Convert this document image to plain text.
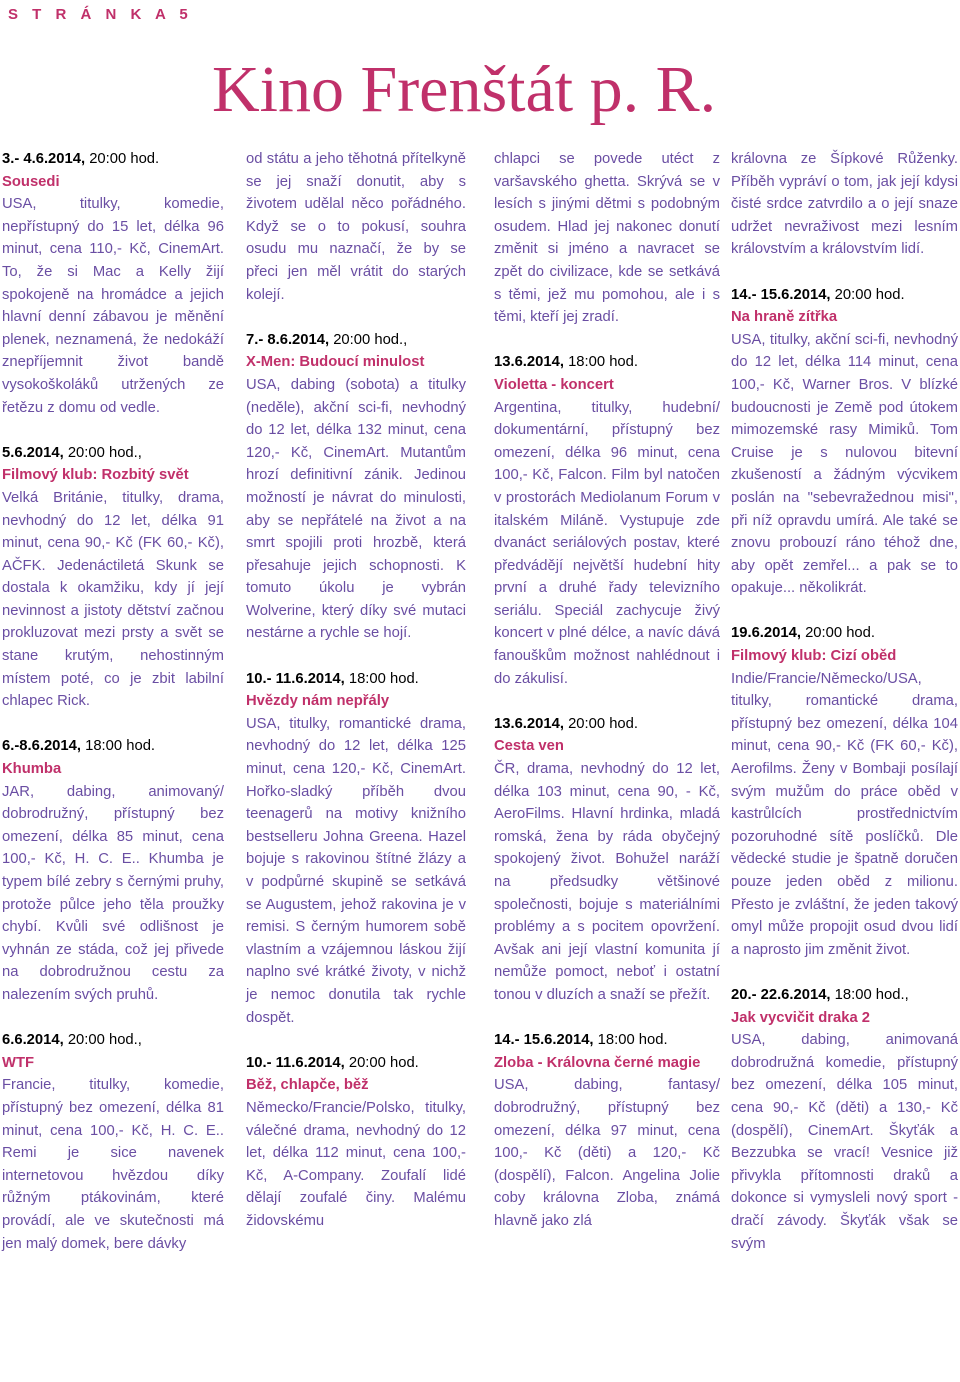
S T R Á N K A 5
Kino Frenštát p. R.
3.- 4.6.2014, 20:00 hod.
Sousedi
USA, titulky, komedie, nepřístupný do 15 let, délka 96 minut, cena 110,- Kč, CinemArt. To, že si Mac a Kelly žijí spokojeně na hromádce a jejich hlavní denní zábavou je měnění plenek, neznamená, že nedokáží znepříjemnit život bandě vysokoškoláků utržených ze řetězu z domu od vedle.
5.6.2014, 20:00 hod.,
Filmový klub: Rozbitý svět
Velká Británie, titulky, drama, nevhodný do 12 let, délka 91 minut, cena 90,- Kč (FK 60,- Kč), AČFK. Jedenáctiletá Skunk se dostala k okamžiku, kdy jí její nevinnost a jistoty dětství začnou prokluzovat mezi prsty a svět se stane krutým, nehostinným místem poté, co je zbit labilní chlapec Rick.
6.-8.6.2014, 18:00 hod.
Khumba
JAR, dabing, animovaný/ dobrodružný, přístupný bez omezení, délka 85 minut, cena 100,- Kč, H. C. E.. Khumba je typem bílé zebry s černými pruhy, protože půlce jeho těla proužky chybí. Kvůli své odlišnost je vyhnán ze stáda, což jej přivede na dobrodružnou cestu za nalezením svých pruhů.
6.6.2014, 20:00 hod.,
WTF
Francie, titulky, komedie, přístupný bez omezení, délka 81 minut, cena 100,- Kč, H. C. E.. Remi je sice navenek internetovou hvězdou díky růžným ptákovinám, které provádí, ale ve skutečnosti má jen malý domek, bere dávky
od státu a jeho těhotná přítelkyně se jej snaží donutit, aby s životem udělal něco pořádného. Když se o to pokusí, souhra osudu mu naznačí, že by se přeci jen měl vrátit do starých kolejí.
7.- 8.6.2014, 20:00 hod.,
X-Men: Budoucí minulost
USA, dabing (sobota) a titulky (neděle), akční sci-fi, nevhodný do 12 let, délka 132 minut, cena 120,- Kč, CinemArt. Mutantům hrozí definitivní zánik. Jedinou možností je návrat do minulosti, aby se nepřátelé na život a na smrt spojili proti hrozbě, která přesahuje jejich schopnosti. K tomuto úkolu je vybrán Wolverine, který díky své mutaci nestárne a rychle se hojí.
10.- 11.6.2014, 18:00 hod.
Hvězdy nám nepřály
USA, titulky, romantické drama, nevhodný do 12 let, délka 125 minut, cena 120,- Kč, CinemArt. Hořko-sladký příběh dvou teenagerů na motivy knižního bestselleru Johna Greena. Hazel bojuje s rakovinou štítné žlázy a v podpůrné skupině se setkává se Augustem, jehož rakovina je v remisi. S černým humorem sobě vlastním a vzájemnou láskou žijí naplno své krátké životy, v nichž je nemoc donutila tak rychle dospět.
10.- 11.6.2014, 20:00 hod.
Běž, chlapče, běž
Německo/Francie/Polsko, titulky, válečné drama, nevhodný do 12 let, délka 112 minut, cena 100,- Kč, A-Company. Zoufalí lidé dělají zoufalé činy. Malému židovskému
chlapci se povede utéct z varšavského ghetta. Skrývá se v lesích s jinými dětmi s podobným osudem. Hlad jej nakonec donutí změnit si jméno a navracet se zpět do civilizace, kde se setkává s těmi, jež mu pomohou, ale i s těmi, kteří jej zradí.
13.6.2014, 18:00 hod.
Violetta - koncert
Argentina, titulky, hudební/ dokumentární, přístupný bez omezení, délka 96 minut, cena 100,- Kč, Falcon. Film byl natočen v prostorách Mediolanum Forum v italském Miláně. Vystupuje zde dvanáct seriálových postav, které předvádějí největší hudební hity první a druhé řady televizního seriálu. Speciál zachycuje živý koncert v plné délce, a navíc dává fanouškům možnost nahlédnout i do zákulisí.
13.6.2014, 20:00 hod.
Cesta ven
ČR, drama, nevhodný do 12 let, délka 103 minut, cena 90, - Kč, AeroFilms. Hlavní hrdinka, mladá romská, žena by ráda obyčejný spokojený život. Bohužel naráží na předsudky většinové společnosti, bojuje s materiálními problémy a s pocitem opovržení. Avšak ani její vlastní komunita jí nemůže pomoct, neboť i ostatní tonou v dluzích a snaží se přežít.
14.- 15.6.2014, 18:00 hod.
Zloba - Královna černé magie
USA, dabing, fantasy/ dobrodružný, přístupný bez omezení, délka 97 minut, cena 100,- Kč (děti) a 120,- Kč (dospělí), Falcon. Angelina Jolie coby královna Zloba, známá hlavně jako zlá
královna ze Šípkové Růženky. Příběh vypráví o tom, jak její kdysi čisté srdce zatvrdilo a o její snaze udržet nevraživost mezi lesním královstvím a královstvím lidí.
14.- 15.6.2014, 20:00 hod.
Na hraně zítřka
USA, titulky, akční sci-fi, nevhodný do 12 let, délka 114 minut, cena 100,- Kč, Warner Bros. V blízké budoucnosti je Země pod útokem mimozemské rasy Mimiků. Tom Cruise je s nulovou bitevní zkušeností a žádným výcvikem poslán na "sebevražednou misi", při níž opravdu umírá. Ale také se znovu probouzí ráno téhož dne, aby opět zemřel... a pak se to opakuje... několikrát.
19.6.2014, 20:00 hod.
Filmový klub: Cizí oběd
Indie/Francie/Německo/USA, titulky, romantické drama, přístupný bez omezení, délka 104 minut, cena 90,- Kč (FK 60,- Kč), Aerofilms. Ženy v Bombaji posílají svým mužům do práce oběd v kastrůlcích prostřednictvím pozoruhodné sítě poslíčků. Dle vědecké studie je špatně doručen pouze jeden oběd z milionu. Přesto je zvláštní, že jeden takový omyl může propojit osud dvou lidí a naprosto jim změnit život.
20.- 22.6.2014, 18:00 hod.,
Jak vycvičit draka 2
USA, dabing, animovaná dobrodružná komedie, přístupný bez omezení, délka 105 minut, cena 90,- Kč (děti) a 130,- Kč (dospělí), CinemArt. Škyťák a Bezzubka se vrací! Vesnice již přivykla přítomnosti draků a dokonce si vymysleli nový sport - dračí závody. Škyťák však se svým
